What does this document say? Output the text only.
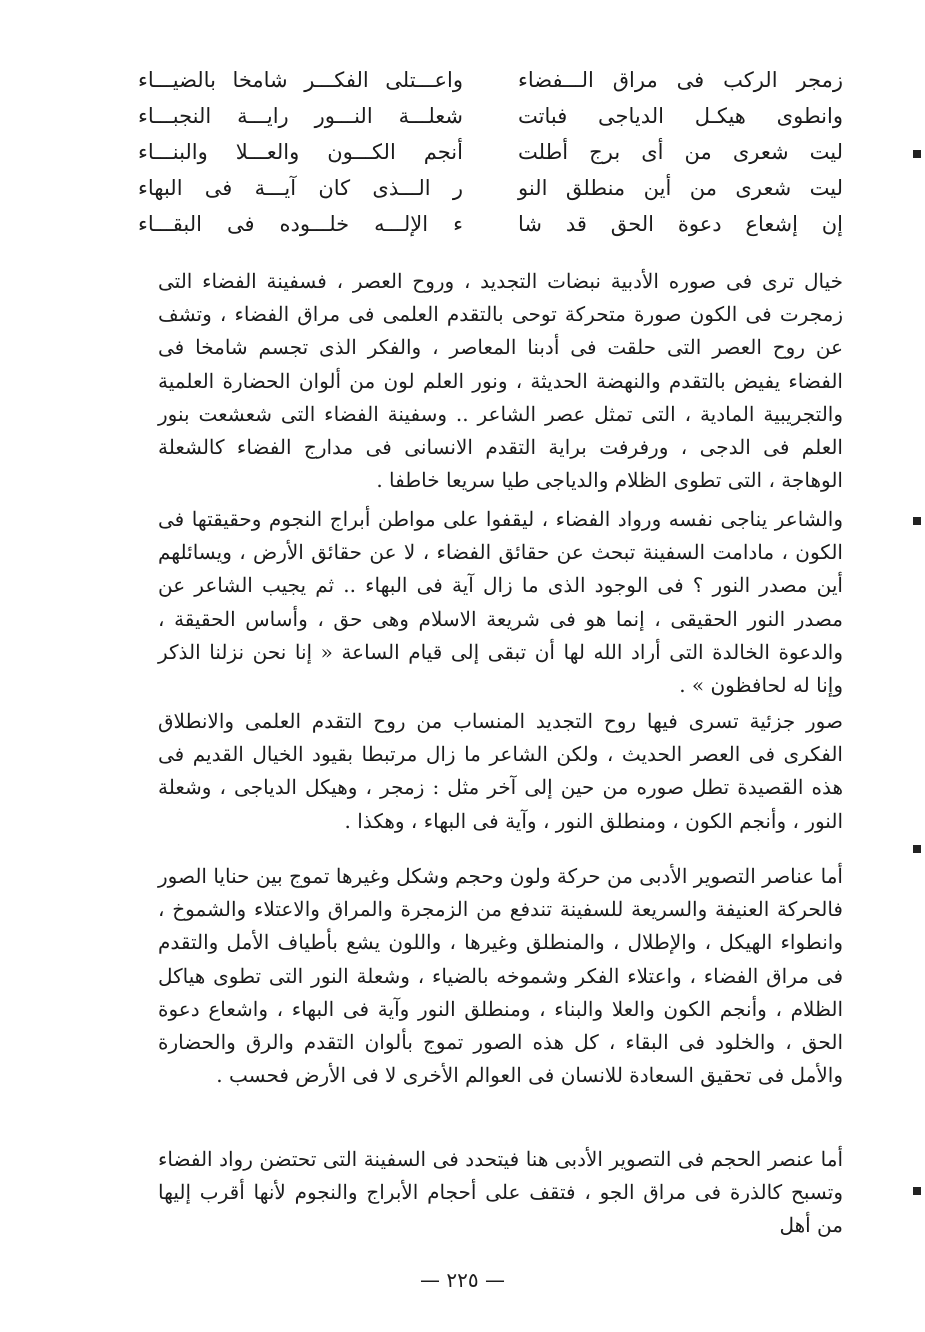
زمجر الركب فى مراق الـــفضاء
واعـــتلى الفكـــر شامخا بالضيـــاء
وانطوى هيكـل الدياجى فباتت
شعلـــة النـــور رايـــة النجبـــاء
ليت شعرى من أى برج أطلت
أنجم الكـــون والعـــلا والبنـــاء
ليت شعرى من أين منطلق النو
ر الـــذى كان آيـــة فى البهاء
إن إشعاع دعوة الحق قد شا
ء الإلـــه خلـــوده فى البقـــاء

خيال ترى فى صوره الأدبية نبضات التجديد ، وروح العصر ، فسفينة الفضاء التى زمجرت فى الكون صورة متحركة توحى بالتقدم العلمى فى مراق الفضاء ، وتشف عن روح العصر التى حلقت فى أدبنا المعاصر ، والفكر الذى تجسم شامخا فى الفضاء يفيض بالتقدم والنهضة الحديثة ، ونور العلم لون من ألوان الحضارة العلمية والتجريبية المادية ، التى تمثل عصر الشاعر .. وسفينة الفضاء التى شعشعت بنور العلم فى الدجى ، ورفرفت براية التقدم الانسانى فى مدارج الفضاء كالشعلة الوهاجة ، التى تطوى الظلام والدياجى طيا سريعا خاطفا .

والشاعر يناجى نفسه ورواد الفضاء ، ليقفوا على مواطن أبراج النجوم وحقيقتها فى الكون ، مادامت السفينة تبحث عن حقائق الفضاء ، لا عن حقائق الأرض ، ويسائلهم أين مصدر النور ؟ فى الوجود الذى ما زال آية فى البهاء .. ثم يجيب الشاعر عن مصدر النور الحقيقى ، إنما هو فى شريعة الاسلام وهى حق ، وأساس الحقيقة ، والدعوة الخالدة التى أراد الله لها أن تبقى إلى قيام الساعة « إنا نحن نزلنا الذكر وإنا له لحافظون » .

صور جزئية تسرى فيها روح التجديد المنساب من روح التقدم العلمى والانطلاق الفكرى فى العصر الحديث ، ولكن الشاعر ما زال مرتبطا بقيود الخيال القديم فى هذه القصيدة تطل صوره من حين إلى آخر مثل : زمجر ، وهيكل الدياجى ، وشعلة النور ، وأنجم الكون ، ومنطلق النور ، وآية فى البهاء ، وهكذا .

أما عناصر التصوير الأدبى من حركة ولون وحجم وشكل وغيرها تموج بين حنايا الصور فالحركة العنيفة والسريعة للسفينة تندفع من الزمجرة والمراق والاعتلاء والشموخ ، وانطواء الهيكل ، والإطلال ، والمنطلق وغيرها ، واللون يشع بأطياف الأمل والتقدم فى مراق الفضاء ، واعتلاء الفكر وشموخه بالضياء ، وشعلة النور التى تطوى هياكل الظلام ، وأنجم الكون والعلا والبناء ، ومنطلق النور وآية فى البهاء ، واشعاع دعوة الحق ، والخلود فى البقاء ، كل هذه الصور تموج بألوان التقدم والرق والحضارة والأمل فى تحقيق السعادة للانسان فى العوالم الأخرى لا فى الأرض فحسب .

أما عنصر الحجم فى التصوير الأدبى هنا فيتحدد فى السفينة التى تحتضن رواد الفضاء وتسبح كالذرة فى مراق الجو ، فتقف على أحجام الأبراج والنجوم لأنها أقرب إليها من أهل

— ٢٢٥ —
